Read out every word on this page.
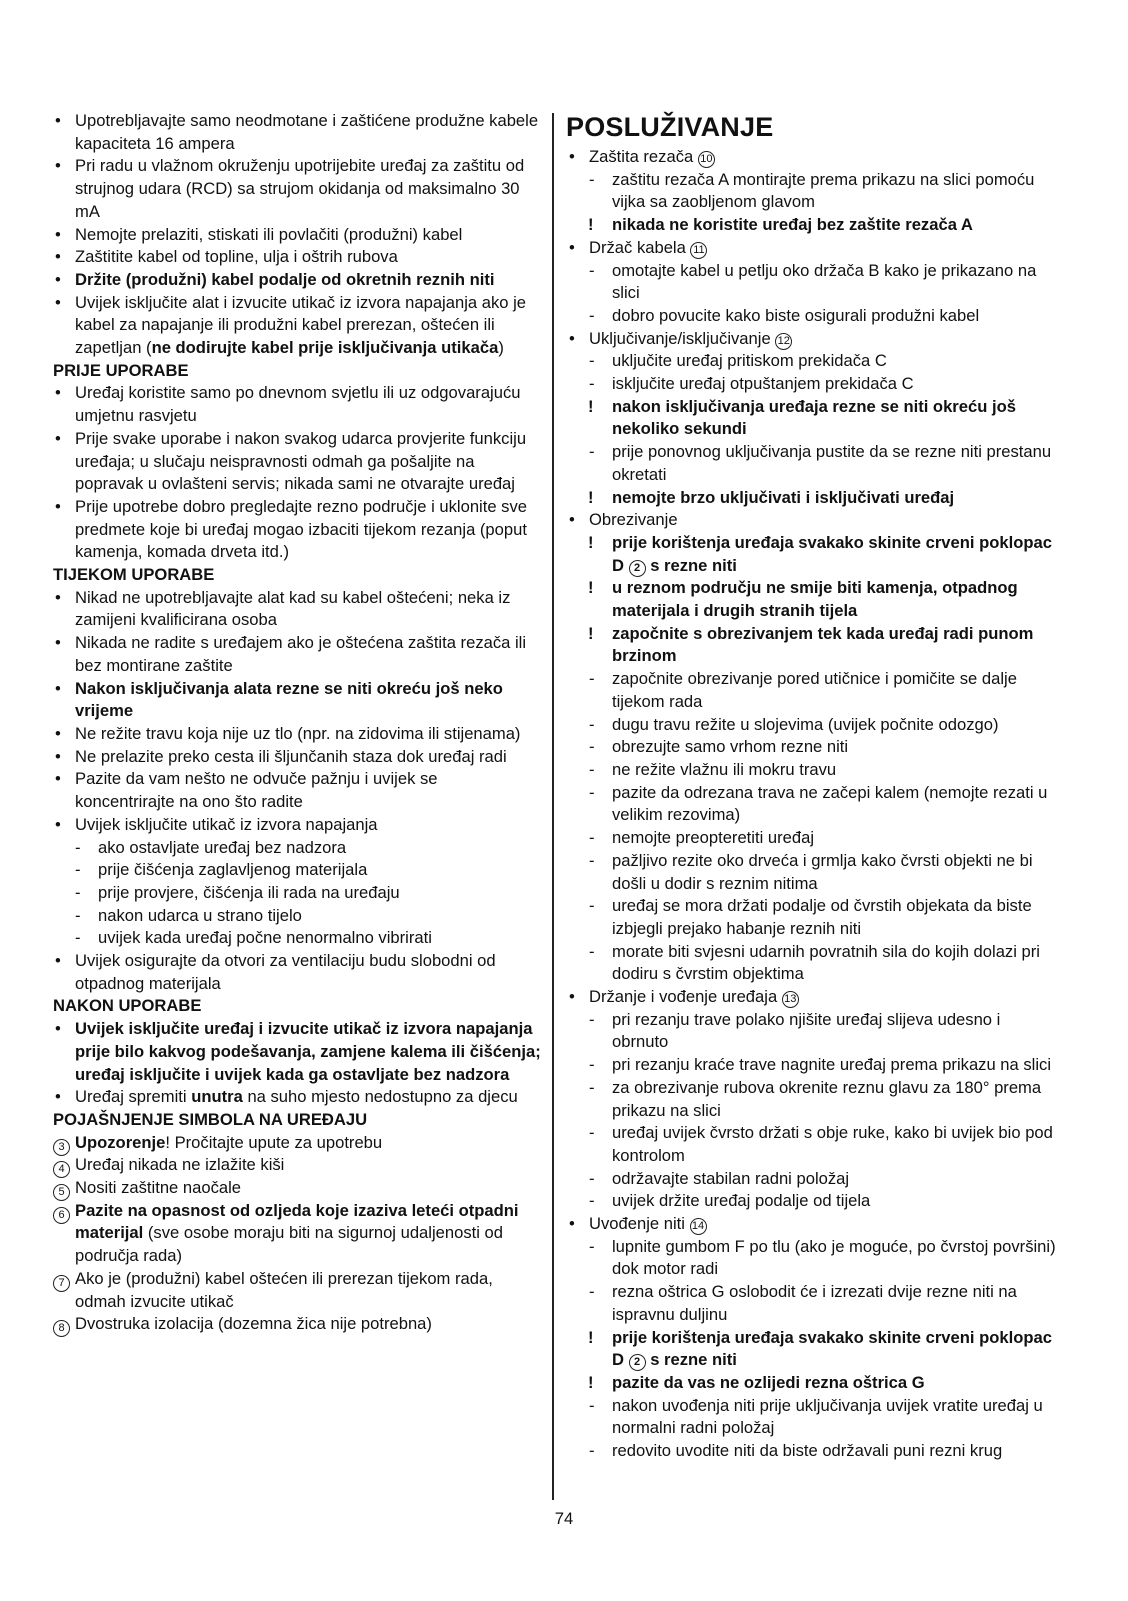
• Upotrebljavajte samo neodmotane i zaštićene produžne kabele kapaciteta 16 ampera
• Pri radu u vlažnom okruženju upotrijebite uređaj za zaštitu od strujnog udara (RCD) sa strujom okidanja od maksimalno 30 mA
• Nemojte prelaziti, stiskati ili povlačiti (produžni) kabel
• Zaštitite kabel od topline, ulja i oštrih rubova
• Držite (produžni) kabel podalje od okretnih reznih niti
• Uvijek isključite alat i izvucite utikač iz izvora napajanja ako je kabel za napajanje ili produžni kabel prerezan, oštećen ili zapetljan (ne dodirujte kabel prije isključivanja utikača)
PRIJE UPORABE
• Uređaj koristite samo po dnevnom svjetlu ili uz odgovarajuću umjetnu rasvjetu
• Prije svake uporabe i nakon svakog udarca provjerite funkciju uređaja; u slučaju neispravnosti odmah ga pošaljite na popravak u ovlašteni servis; nikada sami ne otvarajte uređaj
• Prije upotrebe dobro pregledajte rezno područje i uklonite sve predmete koje bi uređaj mogao izbaciti tijekom rezanja (poput kamenja, komada drveta itd.)
TIJEKOM UPORABE
• Nikad ne upotrebljavajte alat kad su kabel oštećeni; neka iz zamijeni kvalificirana osoba
• Nikada ne radite s uređajem ako je oštećena zaštita rezača ili bez montirane zaštite
• Nakon isključivanja alata rezne se niti okreću još neko vrijeme
• Ne režite travu koja nije uz tlo (npr. na zidovima ili stijenama)
• Ne prelazite preko cesta ili šljunčanih staza dok uređaj radi
• Pazite da vam nešto ne odvuče pažnju i uvijek se koncentrirajte na ono što radite
• Uvijek isključite utikač iz izvora napajanja
- ako ostavljate uređaj bez nadzora
- prije čišćenja zaglavljenog materijala
- prije provjere, čišćenja ili rada na uređaju
- nakon udarca u strano tijelo
- uvijek kada uređaj počne nenormalno vibrirati
• Uvijek osigurajte da otvori za ventilaciju budu slobodni od otpadnog materijala
NAKON UPORABE
• Uvijek isključite uređaj i izvucite utikač iz izvora napajanja prije bilo kakvog podešavanja, zamjene kalema ili čišćenja; uređaj isključite i uvijek kada ga ostavljate bez nadzora
• Uređaj spremiti unutra na suho mjesto nedostupno za djecu
POJAŠNJENJE SIMBOLA NA UREĐAJU
3 Upozorenje! Pročitajte upute za upotrebu
4 Uređaj nikada ne izlažite kiši
5 Nositi zaštitne naočale
6 Pazite na opasnost od ozljeda koje izaziva leteći otpadni materijal (sve osobe moraju biti na sigurnoj udaljenosti od područja rada)
7 Ako je (produžni) kabel oštećen ili prerezan tijekom rada, odmah izvucite utikač
8 Dvostruka izolacija (dozemna žica nije potrebna)
POSLUŽIVANJE
• Zaštita rezača 10
- zaštitu rezača A montirajte prema prikazu na slici pomoću vijka sa zaobljenom glavom
! nikada ne koristite uređaj bez zaštite rezača A
• Držač kabela 11
- omotajte kabel u petlju oko držača B kako je prikazano na slici
- dobro povucite kako biste osigurali produžni kabel
• Uključivanje/isključivanje 12
- uključite uređaj pritiskom prekidača C
- isključite uređaj otpuštanjem prekidača C
! nakon isključivanja uređaja rezne se niti okreću još nekoliko sekundi
- prije ponovnog uključivanja pustite da se rezne niti prestanu okretati
! nemojte brzo uključivati i isključivati uređaj
• Obrezivanje
! prije korištenja uređaja svakako skinite crveni poklopac D 2 s rezne niti
! u reznom području ne smije biti kamenja, otpadnog materijala i drugih stranih tijela
! započnite s obrezivanjem tek kada uređaj radi punom brzinom
- započnite obrezivanje pored utičnice i pomičite se dalje tijekom rada
- dugu travu režite u slojevima (uvijek počnite odozgo)
- obrezujte samo vrhom rezne niti
- ne režite vlažnu ili mokru travu
- pazite da odrezana trava ne začepi kalem (nemojte rezati u velikim rezovima)
- nemojte preopteretiti uređaj
- pažljivo rezite oko drveća i grmlja kako čvrsti objekti ne bi došli u dodir s reznim nitima
- uređaj se mora držati podalje od čvrstih objekata da biste izbjegli prejako habanje reznih niti
- morate biti svjesni udarnih povratnih sila do kojih dolazi pri dodiru s čvrstim objektima
• Držanje i vođenje uređaja 13
- pri rezanju trave polako njišite uređaj slijeva udesno i obrnuto
- pri rezanju kraće trave nagnite uređaj prema prikazu na slici
- za obrezivanje rubova okrenite reznu glavu za 180° prema prikazu na slici
- uređaj uvijek čvrsto držati s obje ruke, kako bi uvijek bio pod kontrolom
- održavajte stabilan radni položaj
- uvijek držite uređaj podalje od tijela
• Uvođenje niti 14
- lupnite gumbom F po tlu (ako je moguće, po čvrstoj površini) dok motor radi
- rezna oštrica G oslobodit će i izrezati dvije rezne niti na ispravnu duljinu
! prije korištenja uređaja svakako skinite crveni poklopac D 2 s rezne niti
! pazite da vas ne ozlijedi rezna oštrica G
- nakon uvođenja niti prije uključivanja uvijek vratite uređaj u normalni radni položaj
- redovito uvodite niti da biste održavali puni rezni krug
74
